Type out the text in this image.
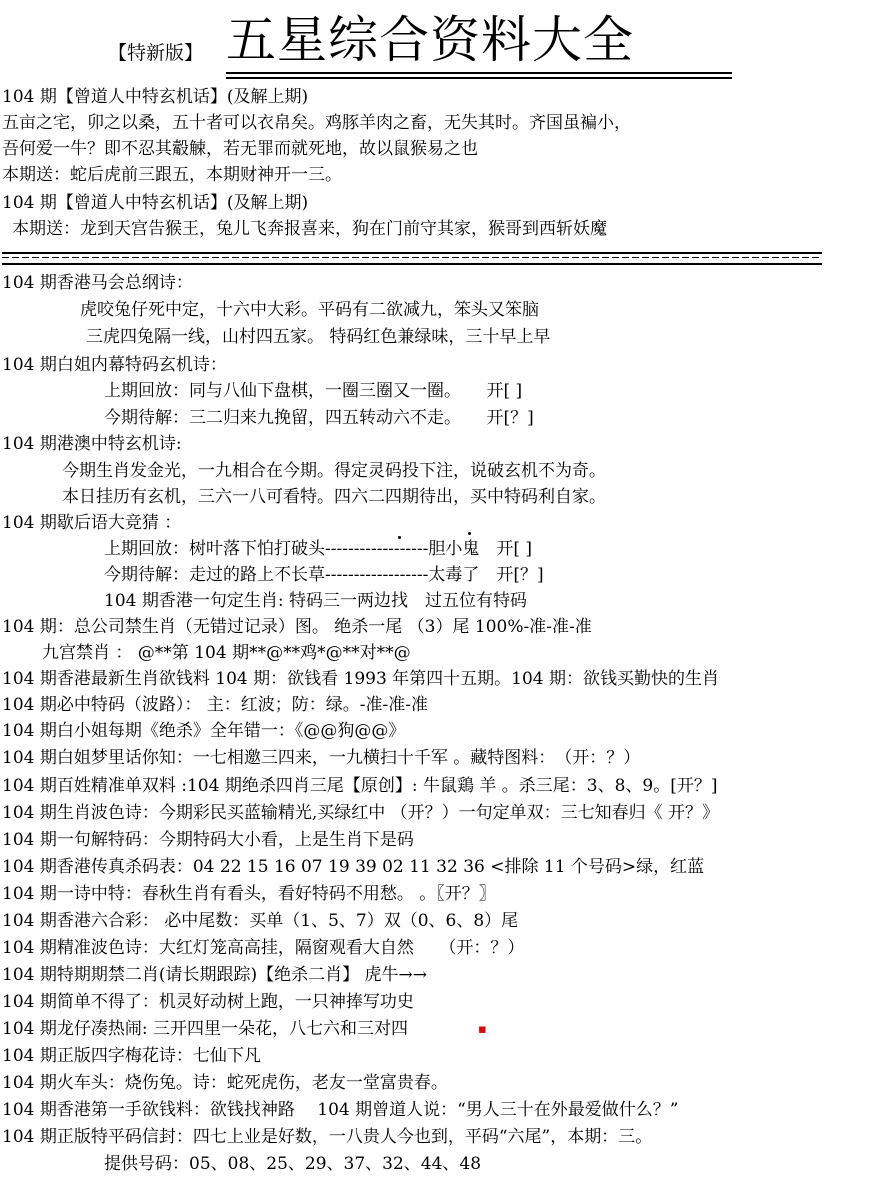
【特新版】 五星综合资料大全
104 期【曾道人中特玄机话】(及解上期)
五亩之宅，卯之以桑，五十者可以衣帛矣。鸡豚羊肉之畜，无失其时。齐国虽褊小，
吾何爱一牛？即不忍其觳觫，若无罪而就死地，故以鼠猴易之也
本期送：蛇后虎前三跟五，本期财神开一三。
104 期【曾道人中特玄机话】(及解上期)
本期送：龙到天宫告猴王，兔儿飞奔报喜来，狗在门前守其家，猴哥到西斩妖魔
104 期香港马会总纲诗：
虎咬兔仔死中定，十六中大彩。平码有二欲减九，笨头又笨脑
三虎四兔隔一线，山村四五家。 特码红色兼绿味，三十早上早
104 期白姐内幕特码玄机诗：
上期回放：同与八仙下盘棋，一圈三圈又一圈。　　开[ ]
今期待解：三二归来九挽留，四五转动六不走。　　开[？]
104 期港澳中特玄机诗:
今期生肖发金光，一九相合在今期。得定灵码投下注，说破玄机不为奇。
本日挂历有玄机，三六一八可看特。四六二四期待出，买中特码利自家。
104 期歇后语大竞猜 ：
上期回放：树叶落下怕打破头------------------胆小鬼　开[ ]
今期待解：走过的路上不长草------------------太毒了　开[？]
104 期香港一句定生肖: 特码三一两边找　过五位有特码
104 期：总公司禁生肖（无错过记录）图。 绝杀一尾 （3）尾 100%-准-准-准
九宫禁肖 ： @**第 104 期**@**鸡*@**对**@
104 期香港最新生肖欲钱料 104 期：欲钱看 1993 年第四十五期。104 期：欲钱买勤快的生肖
104 期必中特码（波路）： 主：红波；防：绿。-准-准-准
104 期白小姐每期《绝杀》全年错一：《@@狗@@》
104 期白姐梦里话你知：一七相邀三四来，一九横扫十千军 。藏特图料：　（开：？）
104 期百姓精准单双料 :104 期绝杀四肖三尾【原创】: 牛鼠鶏 羊 。杀三尾：3、8、9。[开？]
104 期生肖波色诗：今期彩民买蓝输精光,买绿红中 （开？）一句定单双：三七知春归《 开？》
104 期一句解特码：今期特码大小看，上是生肖下是码
104 期香港传真杀码表：04 22 15 16 07 19 39 02 11 32 36 <排除 11 个号码>绿，红蓝
104 期一诗中特：春秋生肖有看头，看好特码不用愁。 。〖开？〗
104 期香港六合彩： 必中尾数：买单（1、5、7）双（0、6、8）尾
104 期精准波色诗：大红灯笼高高挂，隔窗观看大自然　　（开：？）
104 期特期期禁二肖(请长期跟踪)【绝杀二肖】 虎牛→→
104 期简单不得了：机灵好动树上跑，一只神捧写功史
104 期龙仔凑热闹: 三开四里一朵花，八七六和三对四	▪
104 期正版四字梅花诗：七仙下凡
104 期火车头：烧伤兔。诗：蛇死虎伤，老友一堂富贵春。
104 期香港第一手欲钱料：欲钱找神路　 104 期曾道人说：“男人三十在外最爱做什么？”
104 期正版特平码信封：四七上业是好数，一八贵人今也到，平码“六尾”，本期：三。
提供号码：05、08、25、29、37、32、44、48
